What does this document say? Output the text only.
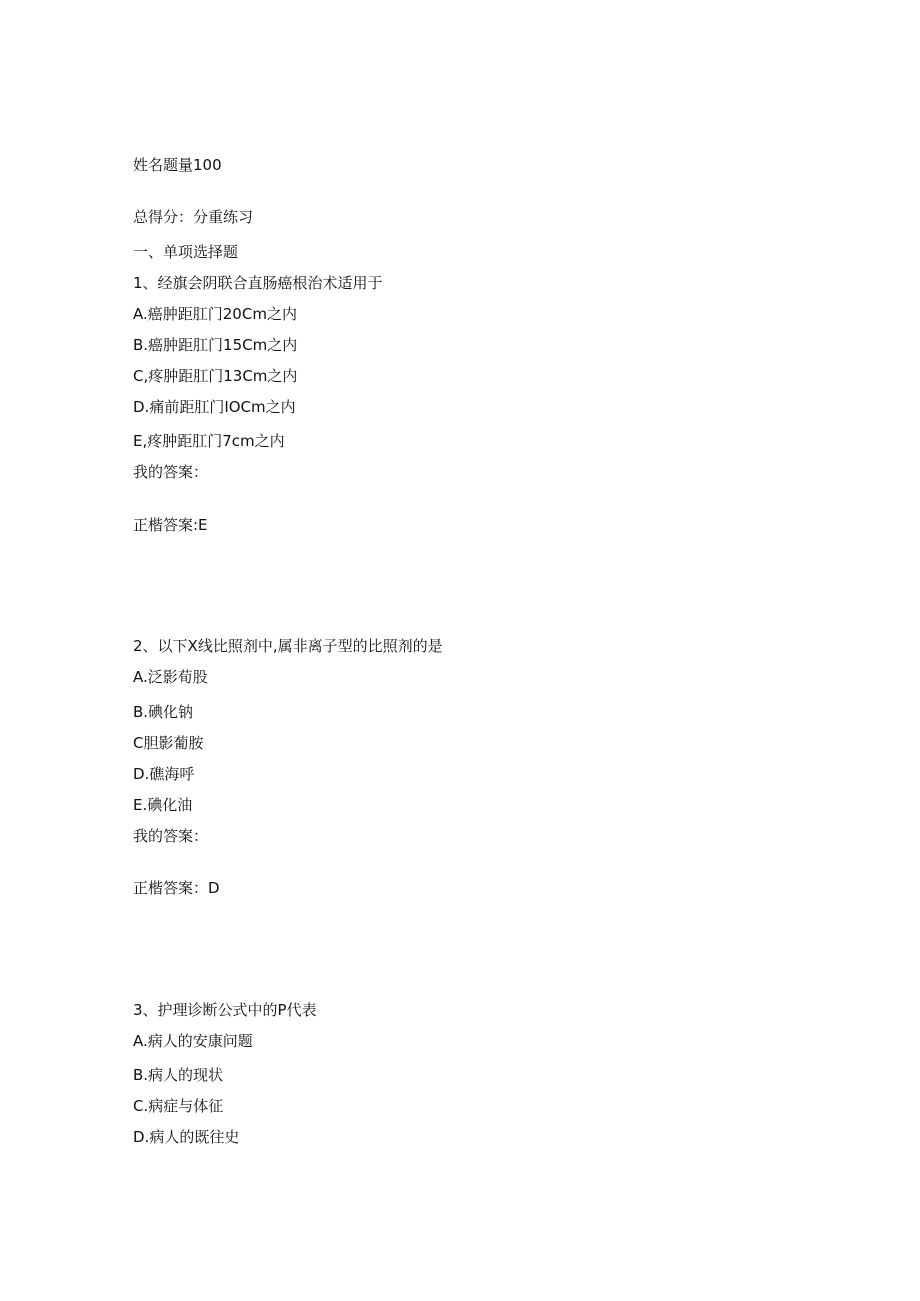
姓名题量100
总得分：分重练习
一、单项选择题
1、经旗会阴联合直肠癌根治术适用于
A.癌肿距肛门20Cm之内
B.癌肿距肛门15Cm之内
C,疼肿距肛门13Cm之内
D.痛前距肛门IOCm之内
E,疼肿距肛门7cm之内
我的答案：
正楷答案:E
2、以下X线比照剂中,属非离子型的比照剂的是
A.泛影荀股
B.碘化钠
C胆影葡胺
D.礁海呼
E.碘化油
我的答案：
正楷答案：D
3、护理诊断公式中的P代表
A.病人的安康问题
B.病人的现状
C.病症与体征
D.病人的既往史
